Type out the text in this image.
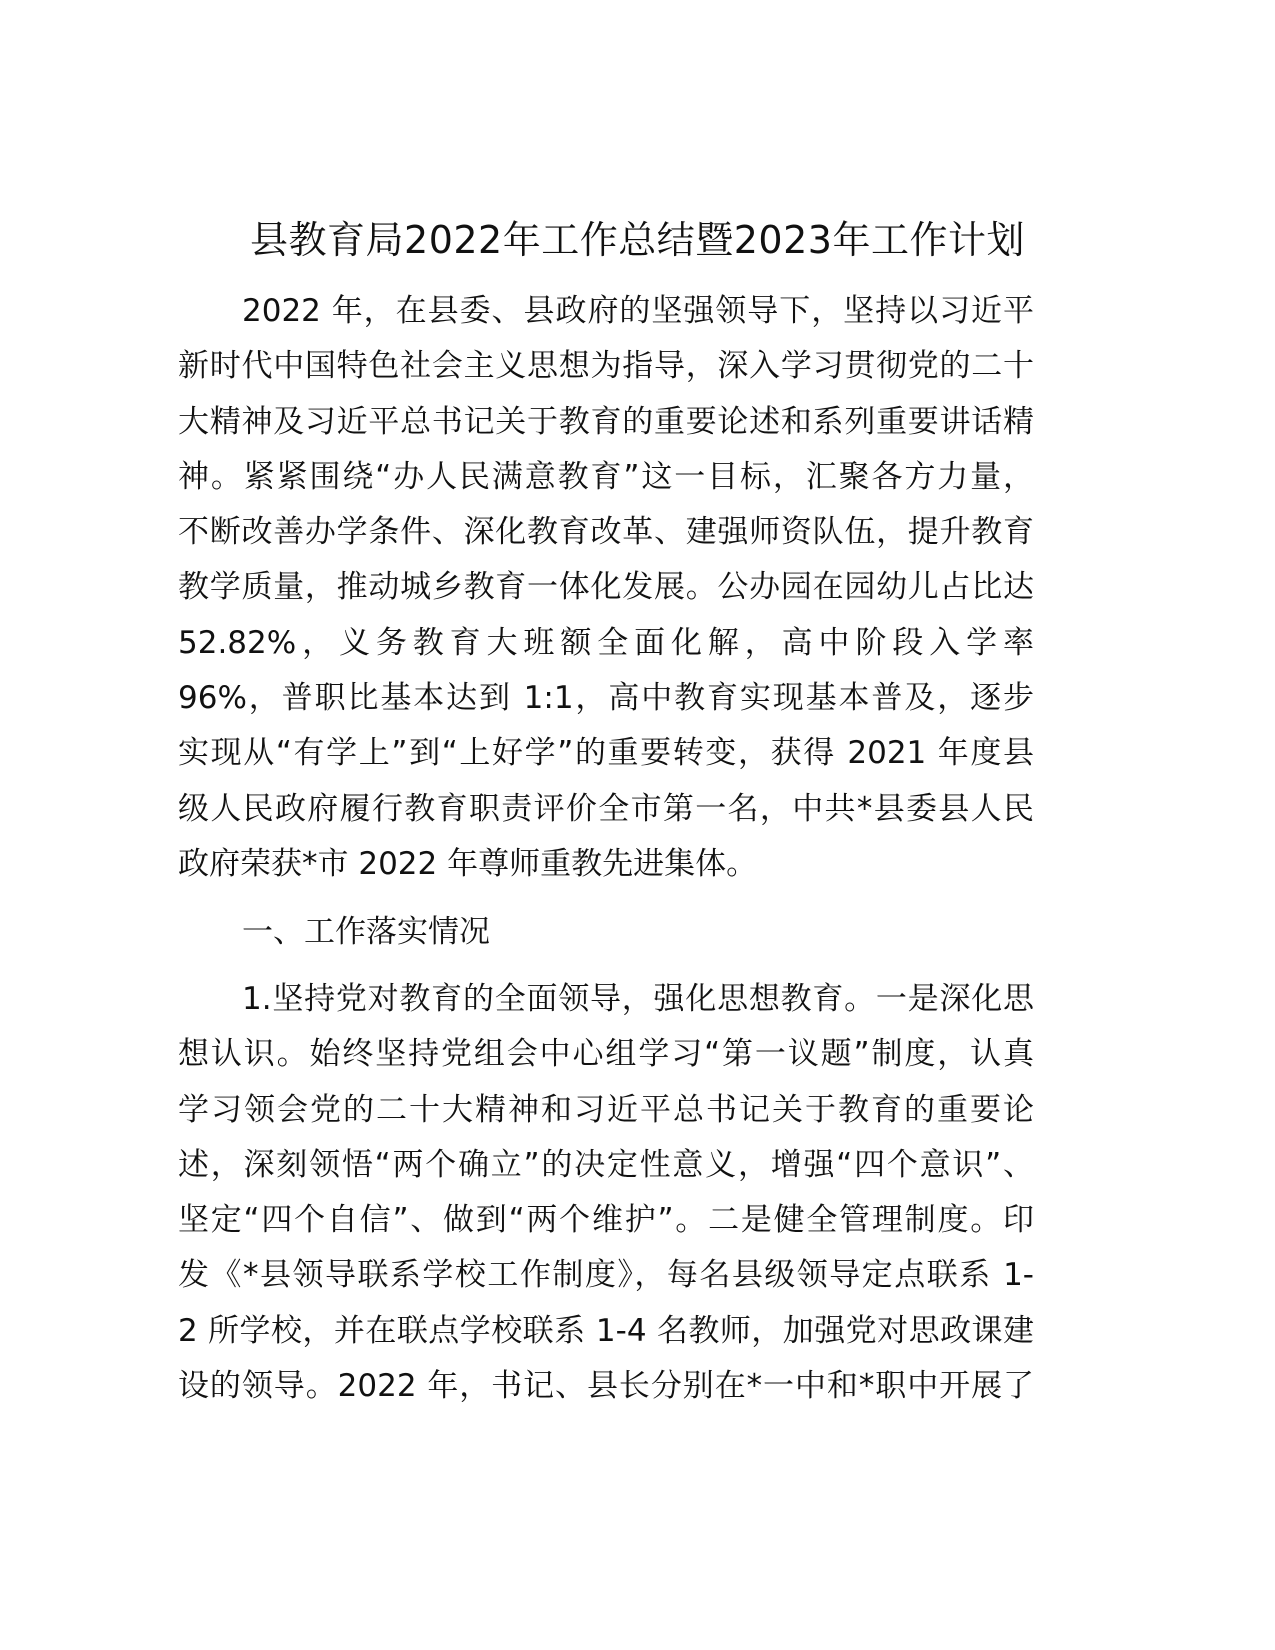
县教育局2022年工作总结暨2023年工作计划
2022 年，在县委、县政府的坚强领导下，坚持以习近平
新时代中国特色社会主义思想为指导，深入学习贯彻党的二十
大精神及习近平总书记关于教育的重要论述和系列重要讲话精
神。紧紧围绕“办人民满意教育”这一目标，汇聚各方力量，
不断改善办学条件、深化教育改革、建强师资队伍，提升教育
教学质量，推动城乡教育一体化发展。公办园在园幼儿占比达
52.82%，义务教育大班额全面化解，高中阶段入学率
96%，普职比基本达到 1:1，高中教育实现基本普及，逐步
实现从“有学上”到“上好学”的重要转变，获得 2021 年度县
级人民政府履行教育职责评价全市第一名，中共*县委县人民
政府荣获*市 2022 年尊师重教先进集体。
一、工作落实情况
1.坚持党对教育的全面领导，强化思想教育。一是深化思
想认识。始终坚持党组会中心组学习“第一议题”制度，认真
学习领会党的二十大精神和习近平总书记关于教育的重要论
述，深刻领悟“两个确立”的决定性意义，增强“四个意识”、
坚定“四个自信”、做到“两个维护”。二是健全管理制度。印
发《*县领导联系学校工作制度》，每名县级领导定点联系 1-
2 所学校，并在联点学校联系 1-4 名教师，加强党对思政课建
设的领导。2022 年，书记、县长分别在*一中和*职中开展了
